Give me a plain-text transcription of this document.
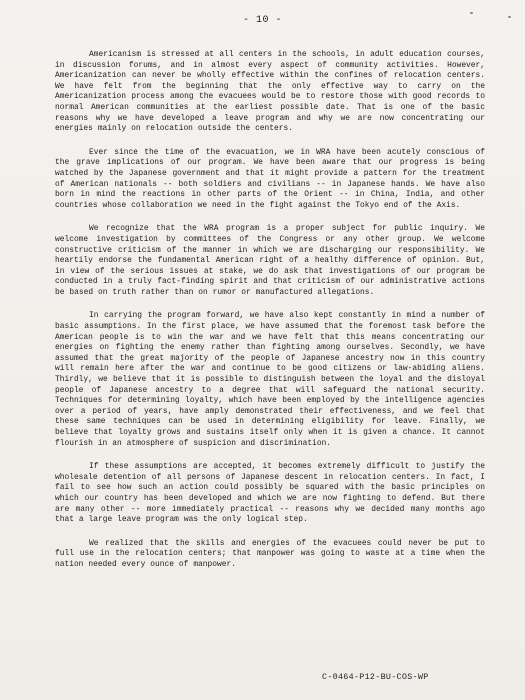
- 10 -

Americanism is stressed at all centers in the schools, in adult education courses, in discussion forums, and in almost every aspect of community activities. However, Americanization can never be wholly effective within the confines of relocation centers. We have felt from the beginning that the only effective way to carry on the Americanization process among the evacuees would be to restore those with good records to normal American communities at the earliest possible date. That is one of the basic reasons why we have developed a leave program and why we are now concentrating our energies mainly on relocation outside the centers.

Ever since the time of the evacuation, we in WRA have been acutely conscious of the grave implications of our program. We have been aware that our progress is being watched by the Japanese government and that it might provide a pattern for the treatment of American nationals -- both soldiers and civilians -- in Japanese hands. We have also born in mind the reactions in other parts of the Orient -- in China, India, and other countries whose collaboration we need in the fight against the Tokyo end of the Axis.

We recognize that the WRA program is a proper subject for public inquiry. We welcome investigation by committees of the Congress or any other group. We welcome constructive criticism of the manner in which we are discharging our responsibility. We heartily endorse the fundamental American right of a healthy difference of opinion. But, in view of the serious issues at stake, we do ask that investigations of our program be conducted in a truly fact-finding spirit and that criticism of our administrative actions be based on truth rather than on rumor or manufactured allegations.

In carrying the program forward, we have also kept constantly in mind a number of basic assumptions. In the first place, we have assumed that the foremost task before the American people is to win the war and we have felt that this means concentrating our energies on fighting the enemy rather than fighting among ourselves. Secondly, we have assumed that the great majority of the people of Japanese ancestry now in this country will remain here after the war and continue to be good citizens or law-abiding aliens. Thirdly, we believe that it is possible to distinguish between the loyal and the disloyal people of Japanese ancestry to a degree that will safeguard the national security. Techniques for determining loyalty, which have been employed by the intelligence agencies over a period of years, have amply demonstrated their effectiveness, and we feel that these same techniques can be used in determining eligibility for leave. Finally, we believe that loyalty grows and sustains itself only when it is given a chance. It cannot flourish in an atmosphere of suspicion and discrimination.

If these assumptions are accepted, it becomes extremely difficult to justify the wholesale detention of all persons of Japanese descent in relocation centers. In fact, I fail to see how such an action could possibly be squared with the basic principles on which our country has been developed and which we are now fighting to defend. But there are many other -- more immediately practical -- reasons why we decided many months ago that a large leave program was the only logical step.

We realized that the skills and energies of the evacuees could never be put to full use in the relocation centers; that manpower was going to waste at a time when the nation needed every ounce of manpower.

C-0464-P12-BU-COS-WP
